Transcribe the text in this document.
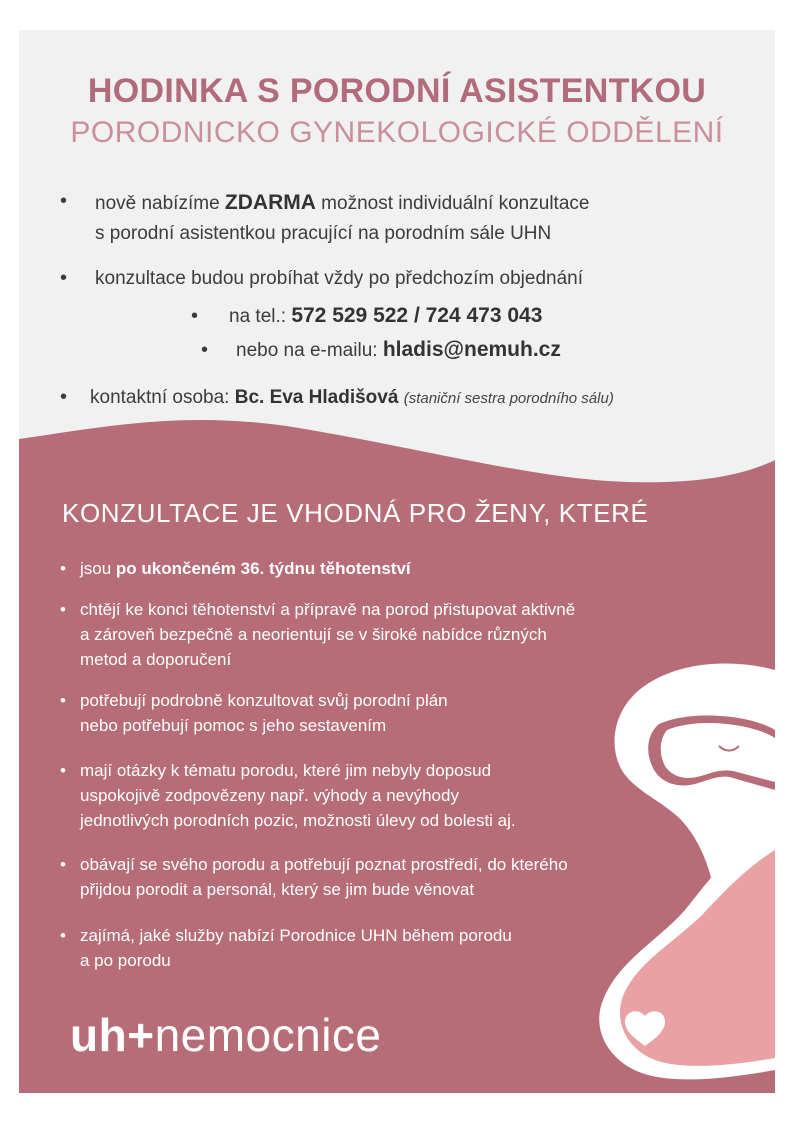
HODINKA S PORODNÍ ASISTENTKOU
PORODNICKO GYNEKOLOGICKÉ ODDĚLENÍ
• nově nabízíme ZDARMA možnost individuální konzultace
s porodní asistentkou pracující na porodním sále UHN
• konzultace budou probíhat vždy po předchozím objednání
• na tel.: 572 529 522 / 724 473 043
• nebo na e-mailu: hladis@nemuh.cz
• kontaktní osoba: Bc. Eva Hladišová (staniční sestra porodního sálu)
KONZULTACE JE VHODNÁ PRO ŽENY, KTERÉ
• jsou po ukončeném 36. týdnu těhotenství
• chtějí ke konci těhotenství a přípravě na porod přistupovat aktivně
a zároveň bezpečně a neorientují se v široké nabídce různých
metod a doporučení
• potřebují podrobně konzultovat svůj porodní plán
nebo potřebují pomoc s jeho sestavením
• mají otázky k tématu porodu, které jim nebyly doposud
uspokojivě zodpovězeny např. výhody a nevýhody
jednotlivých porodních pozic, možnosti úlevy od bolesti aj.
• obávají se svého porodu a potřebují poznat prostředí, do kterého
přijdou porodit a personál, který se jim bude věnovat
• zajímá, jaké služby nabízí Porodnice UHN během porodu
a po porodu
uh+nemocnice
